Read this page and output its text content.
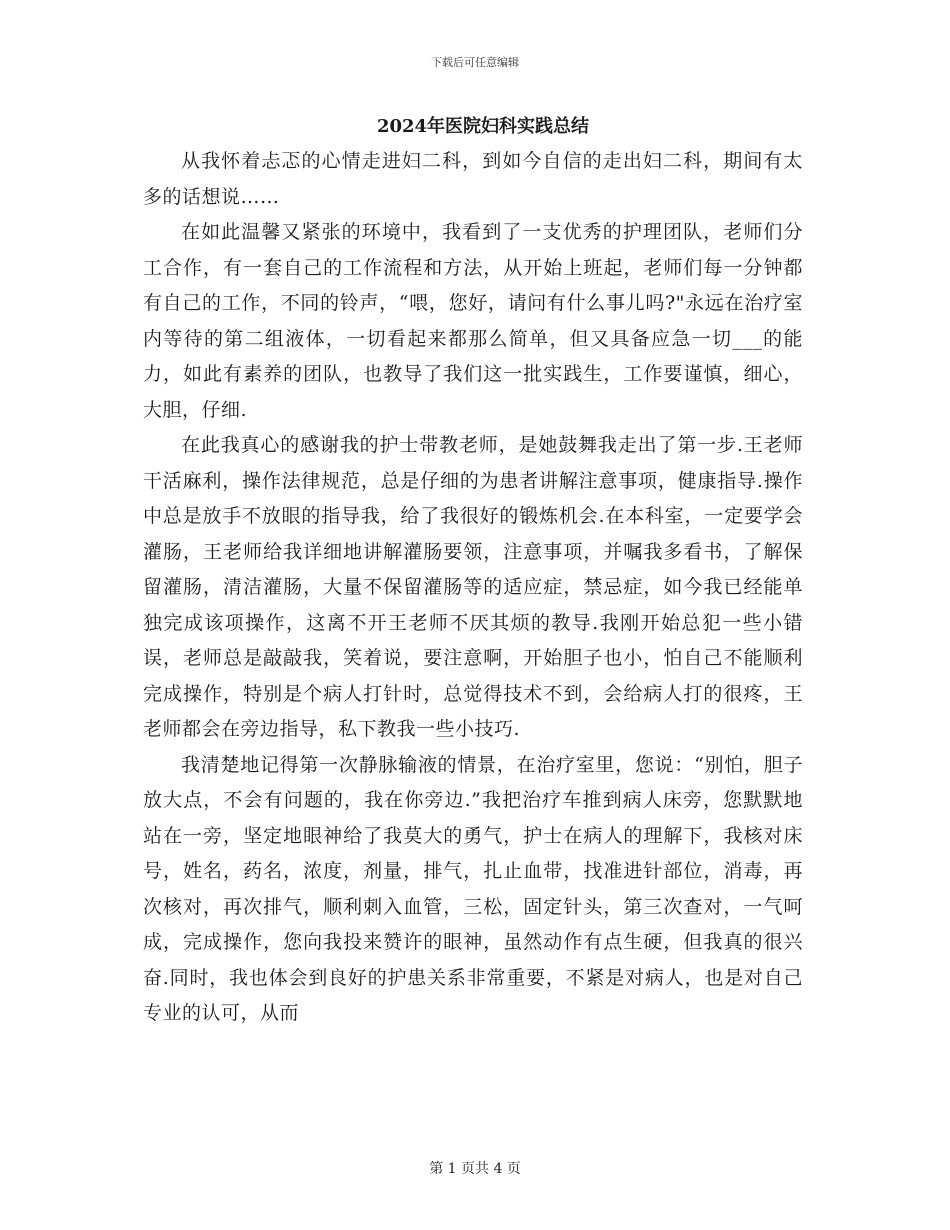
下载后可任意编辑
2024年医院妇科实践总结

从我怀着忐忑的心情走进妇二科，到如今自信的走出妇二科，期间有太多的话想说……

在如此温馨又紧张的环境中，我看到了一支优秀的护理团队，老师们分工合作，有一套自己的工作流程和方法，从开始上班起，老师们每一分钟都有自己的工作，不同的铃声，“喂，您好，请问有什么事儿吗?"永远在治疗室内等待的第二组液体，一切看起来都那么简单，但又具备应急一切___的能力，如此有素养的团队，也教导了我们这一批实践生，工作要谨慎，细心，大胆，仔细.

在此我真心的感谢我的护士带教老师，是她鼓舞我走出了第一步.王老师干活麻利，操作法律规范，总是仔细的为患者讲解注意事项，健康指导.操作中总是放手不放眼的指导我，给了我很好的锻炼机会.在本科室，一定要学会灌肠，王老师给我详细地讲解灌肠要领，注意事项，并嘱我多看书，了解保留灌肠，清洁灌肠，大量不保留灌肠等的适应症，禁忌症，如今我已经能单独完成该项操作，这离不开王老师不厌其烦的教导.我刚开始总犯一些小错误，老师总是敲敲我，笑着说，要注意啊，开始胆子也小，怕自己不能顺利完成操作，特别是个病人打针时，总觉得技术不到，会给病人打的很疼，王老师都会在旁边指导，私下教我一些小技巧.

我清楚地记得第一次静脉输液的情景，在治疗室里，您说：“别怕，胆子放大点，不会有问题的，我在你旁边.”我把治疗车推到病人床旁，您默默地站在一旁，坚定地眼神给了我莫大的勇气，护士在病人的理解下，我核对床号，姓名，药名，浓度，剂量，排气，扎止血带，找准进针部位，消毒，再次核对，再次排气，顺利刺入血管，三松，固定针头，第三次查对，一气呵成，完成操作，您向我投来赞许的眼神，虽然动作有点生硬，但我真的很兴奋.同时，我也体会到良好的护患关系非常重要，不紧是对病人，也是对自己专业的认可，从而

第 1 页共 4 页
